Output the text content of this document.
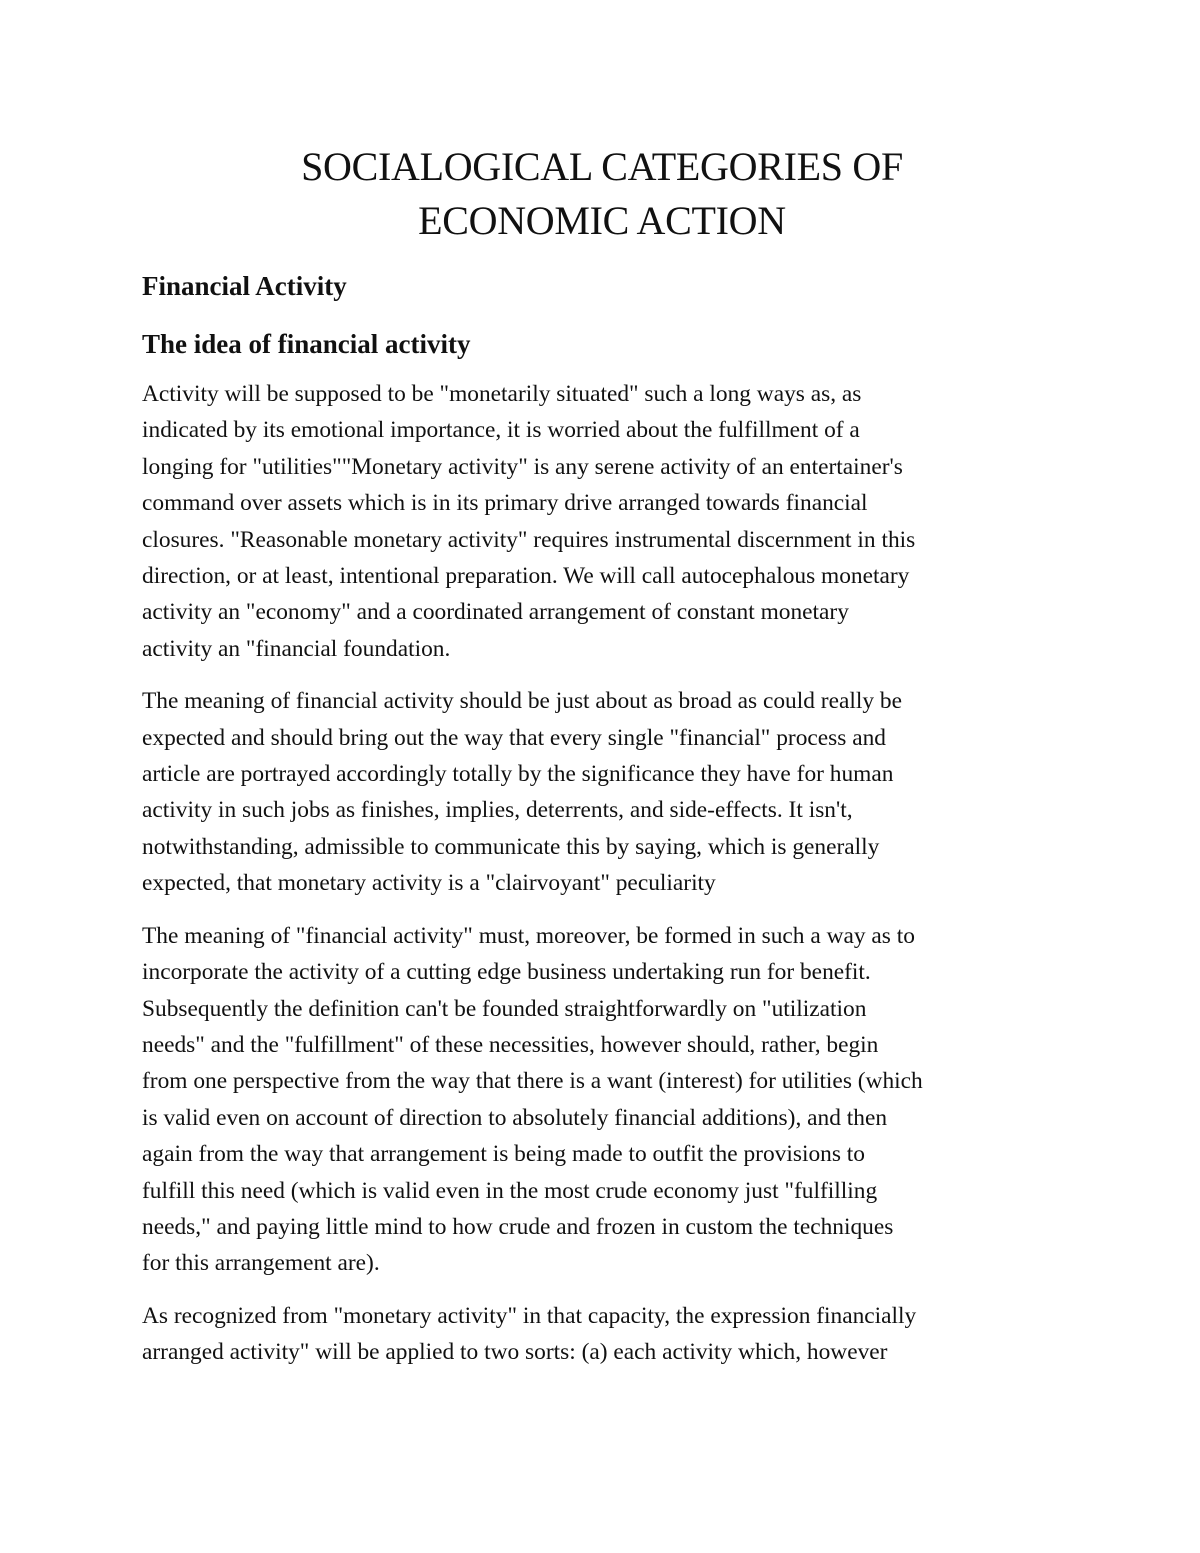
SOCIALOGICAL CATEGORIES OF
ECONOMIC ACTION
Financial Activity
The idea of financial activity

Activity will be supposed to be "monetarily situated" such a long ways as, as
indicated by its emotional importance, it is worried about the fulfillment of a
longing for "utilities""Monetary activity" is any serene activity of an entertainer's
command over assets which is in its primary drive arranged towards financial
closures. "Reasonable monetary activity" requires instrumental discernment in this
direction, or at least, intentional preparation. We will call autocephalous monetary
activity an "economy" and a coordinated arrangement of constant monetary
activity an "financial foundation.

The meaning of financial activity should be just about as broad as could really be
expected and should bring out the way that every single "financial" process and
article are portrayed accordingly totally by the significance they have for human
activity in such jobs as finishes, implies, deterrents, and side-effects. It isn't,
notwithstanding, admissible to communicate this by saying, which is generally
expected, that monetary activity is a "clairvoyant" peculiarity

The meaning of "financial activity" must, moreover, be formed in such a way as to
incorporate the activity of a cutting edge business undertaking run for benefit.
Subsequently the definition can't be founded straightforwardly on "utilization
needs" and the "fulfillment" of these necessities, however should, rather, begin
from one perspective from the way that there is a want (interest) for utilities (which
is valid even on account of direction to absolutely financial additions), and then
again from the way that arrangement is being made to outfit the provisions to
fulfill this need (which is valid even in the most crude economy just "fulfilling
needs," and paying little mind to how crude and frozen in custom the techniques
for this arrangement are).

As recognized from "monetary activity" in that capacity, the expression financially
arranged activity" will be applied to two sorts: (a) each activity which, however
